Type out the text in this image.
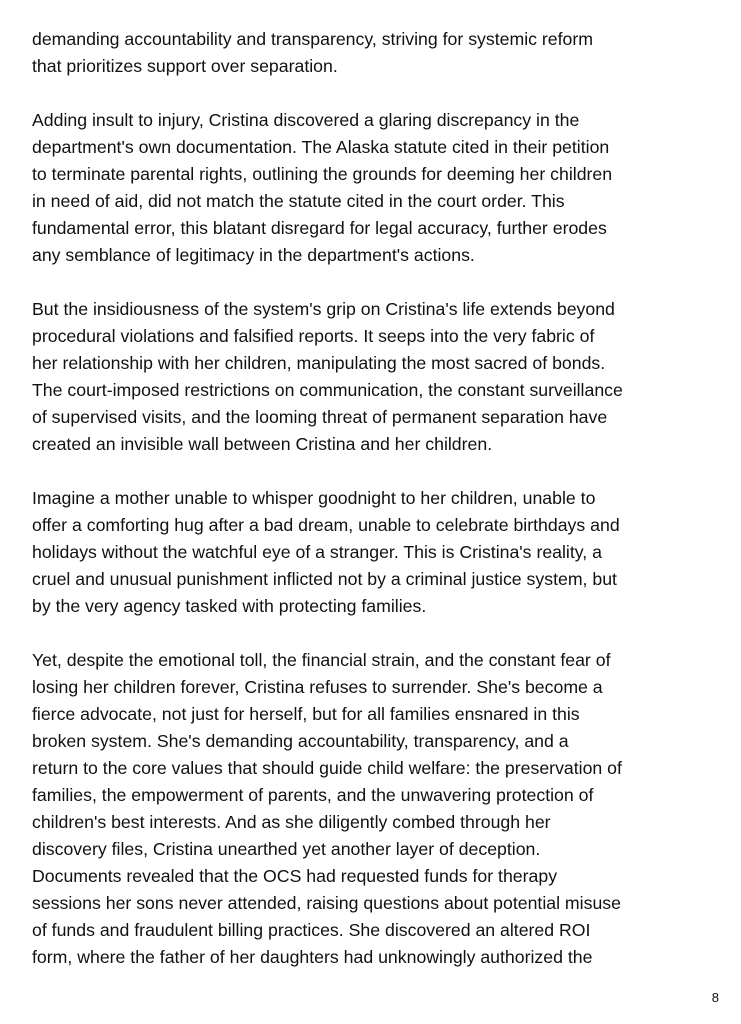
demanding accountability and transparency, striving for systemic reform
that prioritizes support over separation.

Adding insult to injury, Cristina discovered a glaring discrepancy in the
department's own documentation. The Alaska statute cited in their petition
to terminate parental rights, outlining the grounds for deeming her children
in need of aid, did not match the statute cited in the court order. This
fundamental error, this blatant disregard for legal accuracy, further erodes
any semblance of legitimacy in the department's actions.

But the insidiousness of the system's grip on Cristina's life extends beyond
procedural violations and falsified reports. It seeps into the very fabric of
her relationship with her children, manipulating the most sacred of bonds.
The court-imposed restrictions on communication, the constant surveillance
of supervised visits, and the looming threat of permanent separation have
created an invisible wall between Cristina and her children.

Imagine a mother unable to whisper goodnight to her children, unable to
offer a comforting hug after a bad dream, unable to celebrate birthdays and
holidays without the watchful eye of a stranger. This is Cristina's reality, a
cruel and unusual punishment inflicted not by a criminal justice system, but
by the very agency tasked with protecting families.

Yet, despite the emotional toll, the financial strain, and the constant fear of
losing her children forever, Cristina refuses to surrender. She's become a
fierce advocate, not just for herself, but for all families ensnared in this
broken system. She's demanding accountability, transparency, and a
return to the core values that should guide child welfare: the preservation of
families, the empowerment of parents, and the unwavering protection of
children's best interests. And as she diligently combed through her
discovery files, Cristina unearthed yet another layer of deception.
Documents revealed that the OCS had requested funds for therapy
sessions her sons never attended, raising questions about potential misuse
of funds and fraudulent billing practices. She discovered an altered ROI
form, where the father of her daughters had unknowingly authorized the

8
